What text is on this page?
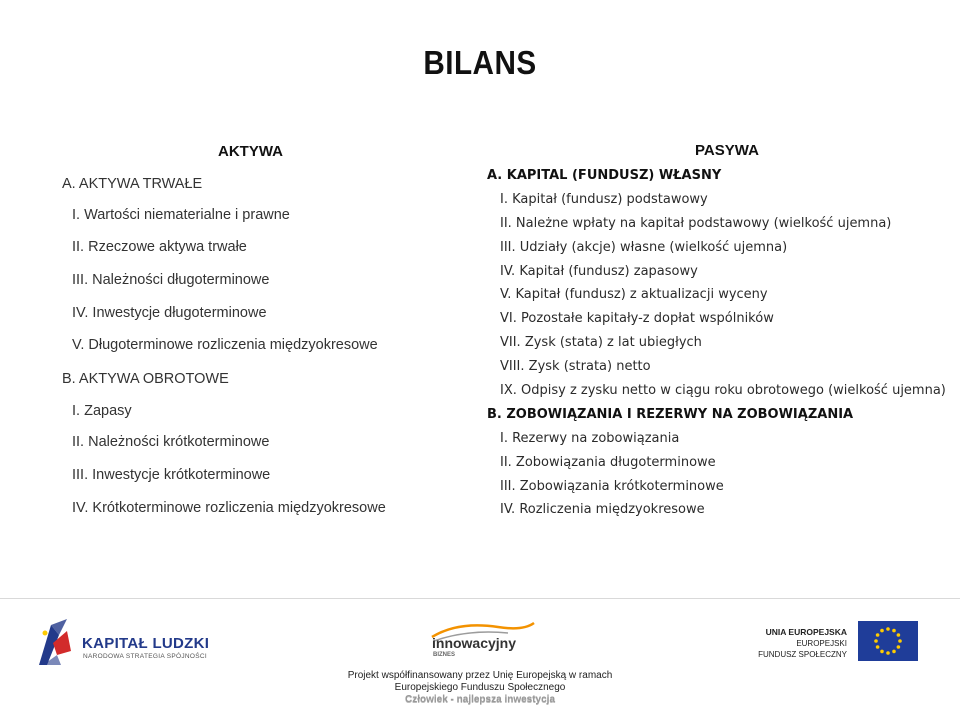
BILANS
AKTYWA	PASYWA
A. AKTYWA TRWAŁE
I. Wartości niematerialne i prawne
II. Rzeczowe aktywa trwałe
III. Należności długoterminowe
IV. Inwestycje długoterminowe
V. Długoterminowe rozliczenia międzyokresowe
B. AKTYWA OBROTOWE
I. Zapasy
II. Należności krótkoterminowe
III. Inwestycje krótkoterminowe
IV. Krótkoterminowe rozliczenia międzyokresowe
A. KAPITAL (FUNDUSZ) WŁASNY
I. Kapitał (fundusz) podstawowy
II. Należne wpłaty na kapitał podstawowy (wielkość ujemna)
III. Udziały (akcje) własne (wielkość ujemna)
IV. Kapitał (fundusz) zapasowy
V. Kapitał (fundusz) z aktualizacji wyceny
VI. Pozostałe kapitały-z dopłat wspólników
VII. Zysk (stata) z lat ubiegłych
VIII. Zysk (strata) netto
IX. Odpisy z zysku netto w ciągu roku obrotowego (wielkość ujemna)
B. ZOBOWIĄZANIA I REZERWY NA ZOBOWIĄZANIA
I. Rezerwy na zobowiązania
II. Zobowiązania długoterminowe
III. Zobowiązania krótkoterminowe
IV. Rozliczenia międzyokresowe
KAPITAŁ LUDZKI
NARODOWA STRATEGIA SPÓJNOŚCI
innowacyjny
BIZNES
UNIA EUROPEJSKA
EUROPEJSKI
FUNDUSZ SPOŁECZNY
Projekt współfinansowany przez Unię Europejską w ramach
Europejskiego Funduszu Społecznego
Człowiek - najlepsza inwestycja
